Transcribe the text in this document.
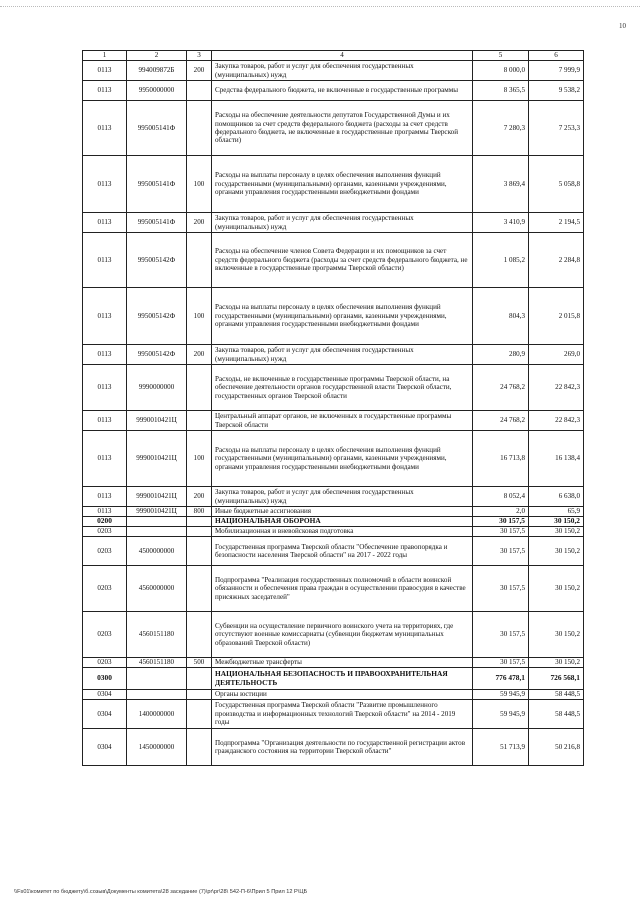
10
1	2	3	4	5	6
0113	994009872Б	200	Закупка товаров, работ и услуг для обеспечения государственных (муниципальных) нужд	8 000,0	7 999,9
0113	9950000000		Средства федерального бюджета, не включенные в государственные программы	8 365,5	9 538,2
0113	995005141Ф		Расходы на обеспечение деятельности депутатов Государственной Думы и их помощников за счет средств федерального бюджета (расходы за счет средств федерального бюджета, не включенные в государственные программы Тверской области)	7 280,3	7 253,3
0113	995005141Ф	100	Расходы на выплаты персоналу в целях обеспечения выполнения функций государственными (муниципальными) органами, казенными учреждениями, органами управления государственными внебюджетными фондами	3 869,4	5 058,8
0113	995005141Ф	200	Закупка товаров, работ и услуг для обеспечения государственных (муниципальных) нужд	3 410,9	2 194,5
0113	995005142Ф		Расходы на обеспечение членов Совета Федерации и их помощников за счет средств федерального бюджета (расходы за счет средств федерального бюджета, не включенные в государственные программы Тверской области)	1 085,2	2 284,8
0113	995005142Ф	100	Расходы на выплаты персоналу в целях обеспечения выполнения функций государственными (муниципальными) органами, казенными учреждениями, органами управления государственными внебюджетными фондами	804,3	2 015,8
0113	995005142Ф	200	Закупка товаров, работ и услуг для обеспечения государственных (муниципальных) нужд	280,9	269,0
0113	9990000000		Расходы, не включенные в государственные программы Тверской области, на обеспечение деятельности органов государственной власти Тверской области, государственных органов Тверской области	24 768,2	22 842,3
0113	9990010421Ц		Центральный аппарат органов, не включенных в государственные программы Тверской области	24 768,2	22 842,3
0113	9990010421Ц	100	Расходы на выплаты персоналу в целях обеспечения выполнения функций государственными (муниципальными) органами, казенными учреждениями, органами управления государственными внебюджетными фондами	16 713,8	16 138,4
0113	9990010421Ц	200	Закупка товаров, работ и услуг для обеспечения государственных (муниципальных) нужд	8 052,4	6 638,0
0113	9990010421Ц	800	Иные бюджетные ассигнования	2,0	65,9
0200			НАЦИОНАЛЬНАЯ ОБОРОНА	30 157,5	30 150,2
0203			Мобилизационная и вневойсковая подготовка	30 157,5	30 150,2
0203	4500000000		Государственная программа Тверской области "Обеспечение правопорядка и безопасности населения Тверской области" на 2017 - 2022 годы	30 157,5	30 150,2
0203	4560000000		Подпрограмма "Реализация государственных полномочий в области воинской обязанности и обеспечения права граждан в осуществлении правосудия в качестве присяжных заседателей"	30 157,5	30 150,2
0203	4560151180		Субвенции на осуществление первичного воинского учета на территориях, где отсутствуют военные комиссариаты (субвенции бюджетам муниципальных образований Тверской области)	30 157,5	30 150,2
0203	4560151180	500	Межбюджетные трансферты	30 157,5	30 150,2
0300			НАЦИОНАЛЬНАЯ БЕЗОПАСНОСТЬ И ПРАВООХРАНИТЕЛЬНАЯ ДЕЯТЕЛЬНОСТЬ	776 478,1	726 568,1
0304			Органы юстиции	59 945,9	58 448,5
0304	1400000000		Государственная программа Тверской области "Развитие промышленного производства и информационных технологий Тверской области" на 2014 - 2019 годы	59 945,9	58 448,5
0304	1450000000		Подпрограмма "Организация деятельности по государственной регистрации актов гражданского состояния на территории Тверской области"	51 713,9	50 216,8
\\Fs01\комитет по бюджету\б.созыв\Документы комитета\28 заседание (7)\pr\pr\28\ 542-П-6\Прил 5 Прил 12 Р\ЦБ
